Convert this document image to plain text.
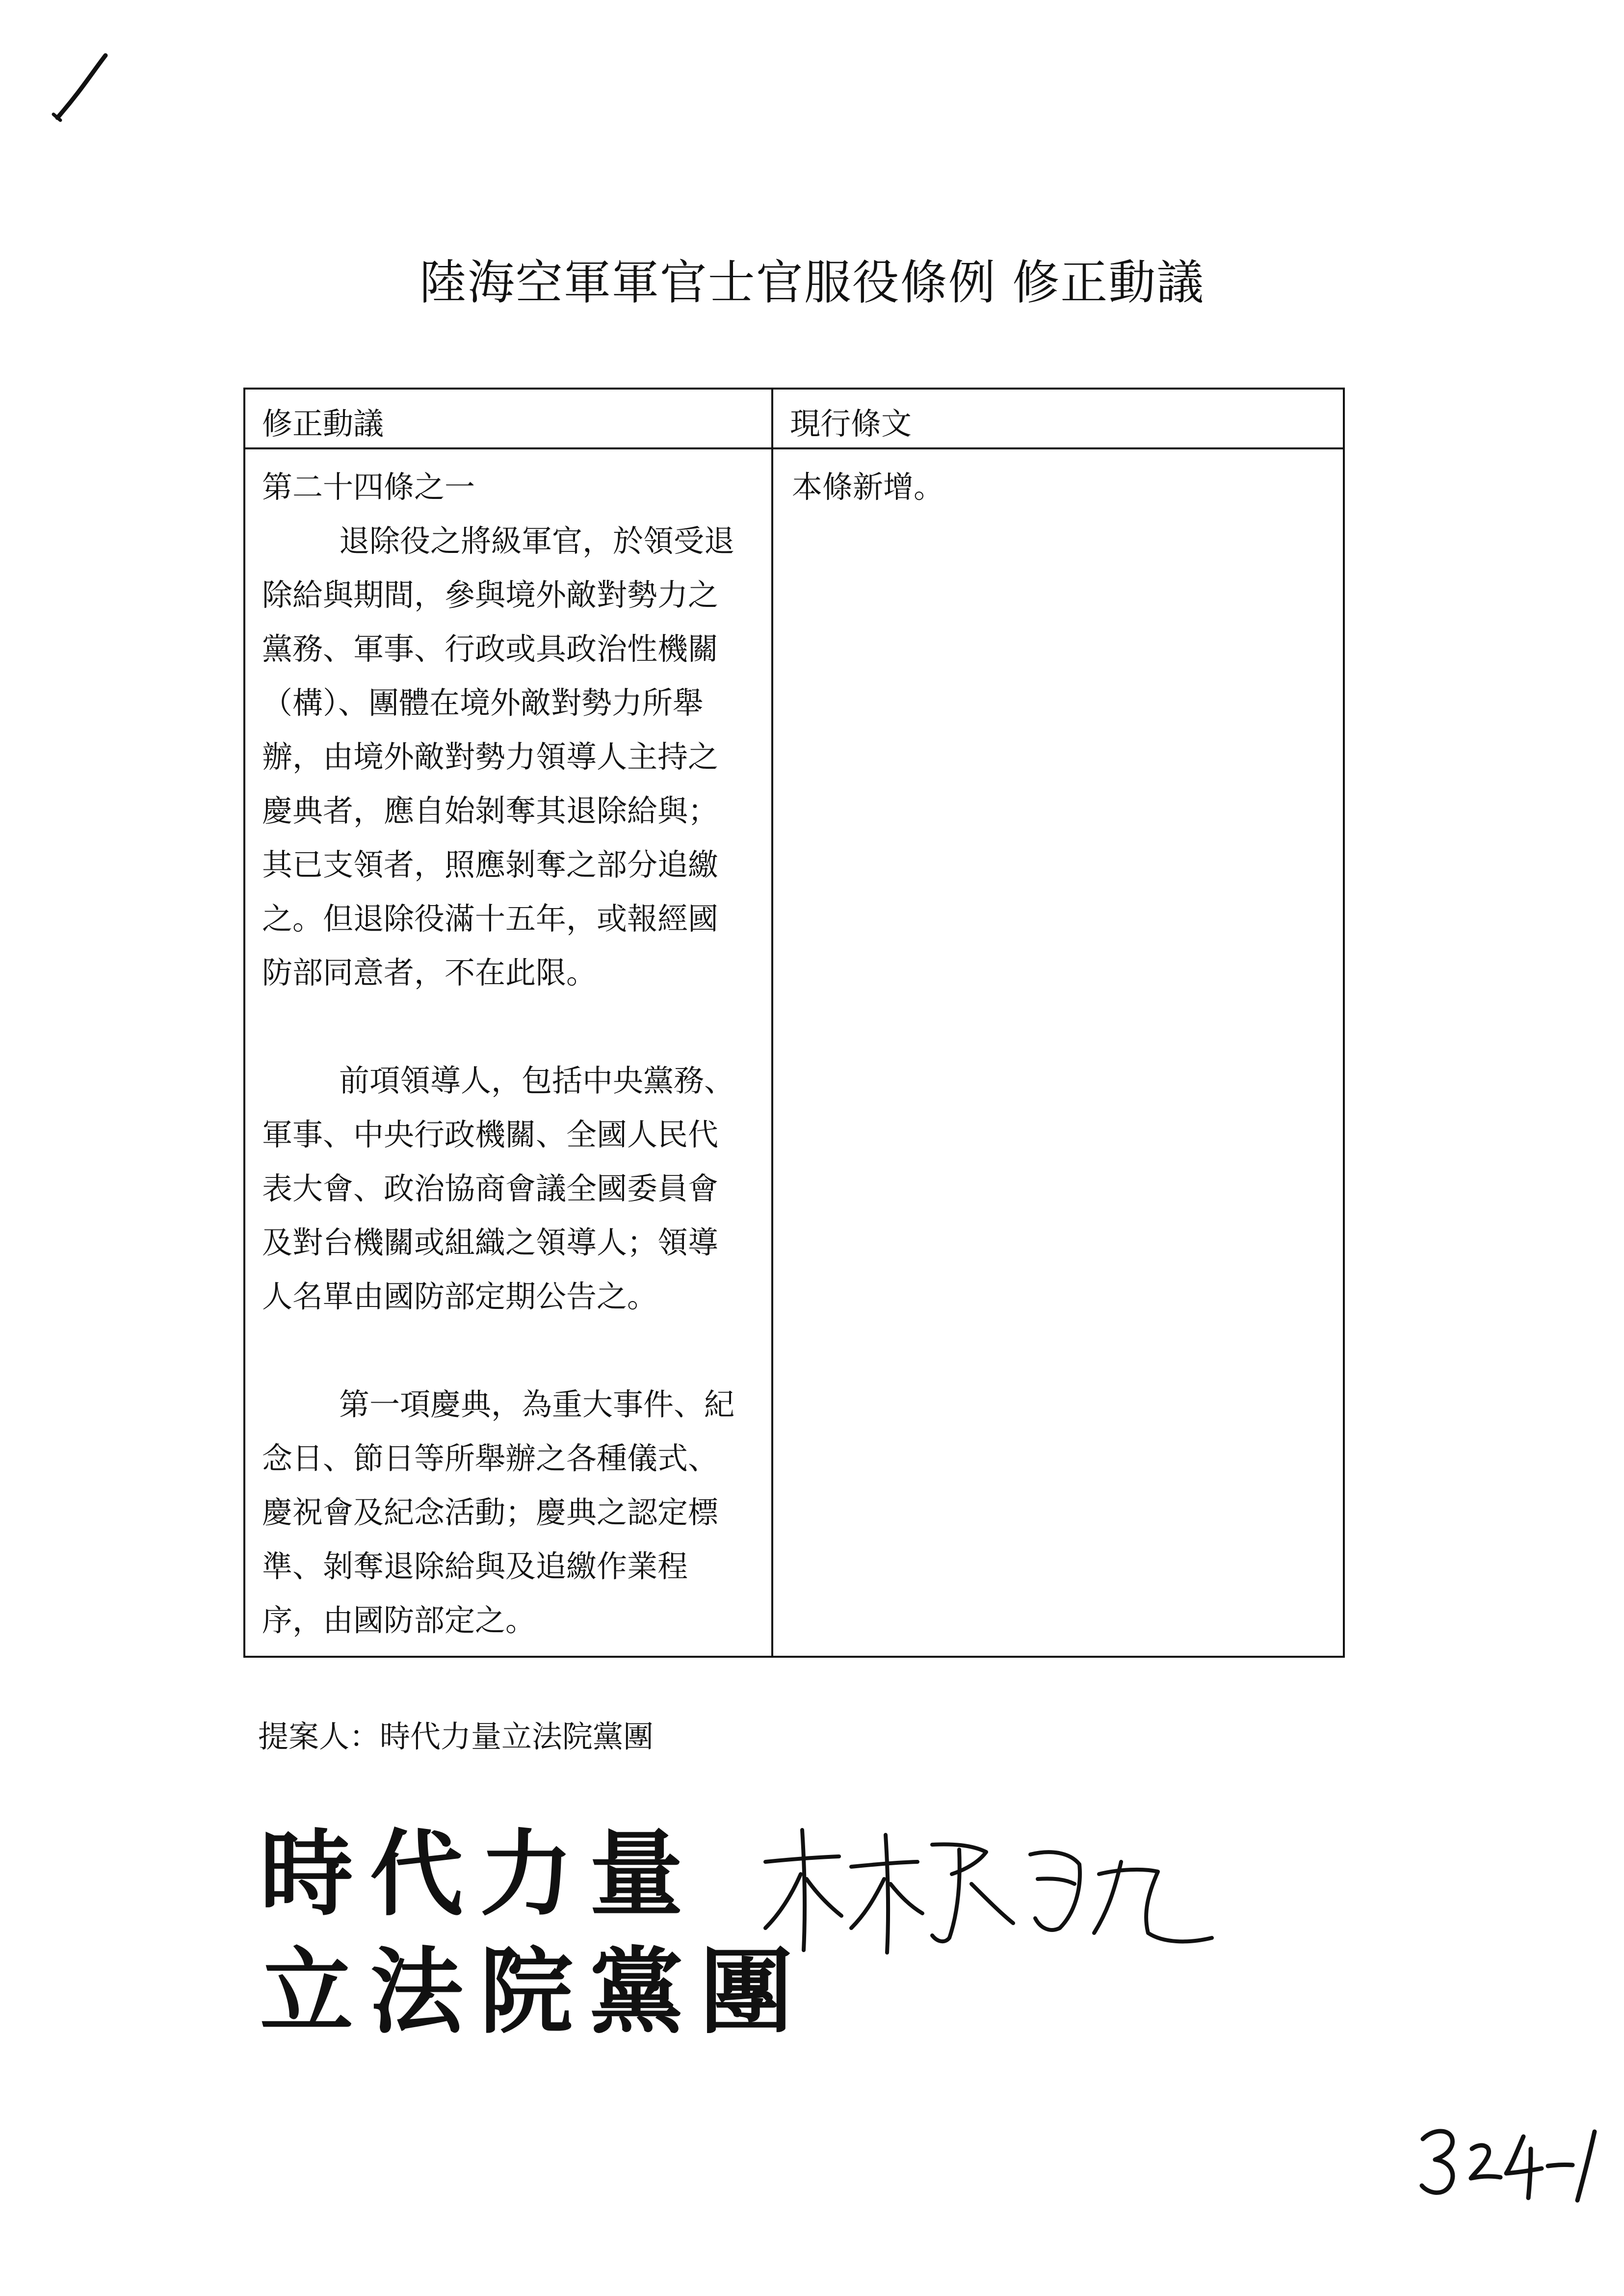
陸海空軍軍官士官服役條例 修正動議
修正動議	現行條文
第二十四條之一
退除役之將級軍官，於領受退
除給與期間，參與境外敵對勢力之
黨務、軍事、行政或具政治性機關
（構）、團體在境外敵對勢力所舉
辦，由境外敵對勢力領導人主持之
慶典者，應自始剝奪其退除給與；
其已支領者，照應剝奪之部分追繳
之。但退除役滿十五年，或報經國
防部同意者，不在此限。
前項領導人，包括中央黨務、
軍事、中央行政機關、全國人民代
表大會、政治協商會議全國委員會
及對台機關或組織之領導人；領導
人名單由國防部定期公告之。
第一項慶典，為重大事件、紀
念日、節日等所舉辦之各種儀式、
慶祝會及紀念活動；慶典之認定標
準、剝奪退除給與及追繳作業程
序，由國防部定之。
本條新增。
提案人：時代力量立法院黨團
時代力量
立法院黨團
